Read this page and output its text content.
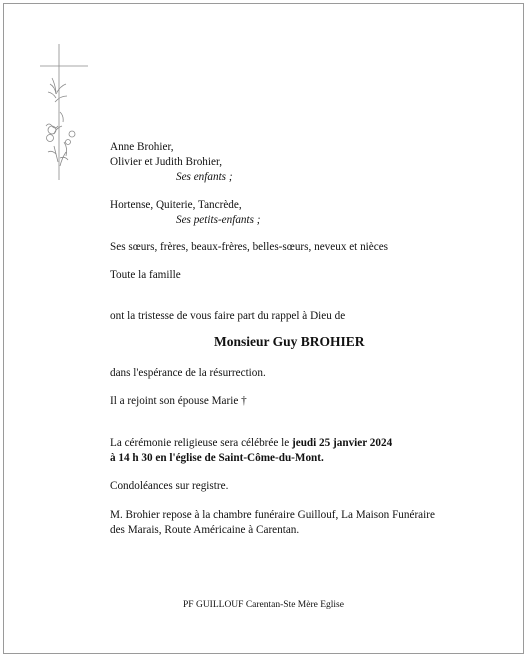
Anne Brohier,

Olivier et Judith Brohier,

Ses enfants ;

Hortense, Quiterie, Tancrède,

Ses petits-enfants ;

Ses sœurs, frères, beaux-frères, belles-sœurs, neveux et nièces

Toute la famille

ont la tristesse de vous faire part du rappel à Dieu de

Monsieur Guy BROHIER

dans l'espérance de la résurrection.

Il a rejoint son épouse Marie †

La cérémonie religieuse sera célébrée le jeudi 25 janvier 2024

à 14 h 30 en l'église de Saint-Côme-du-Mont.

Condoléances sur registre.

M. Brohier repose à la chambre funéraire Guillouf, La Maison Funéraire

des Marais, Route Américaine à Carentan.

PF GUILLOUF Carentan-Ste Mère Eglise
